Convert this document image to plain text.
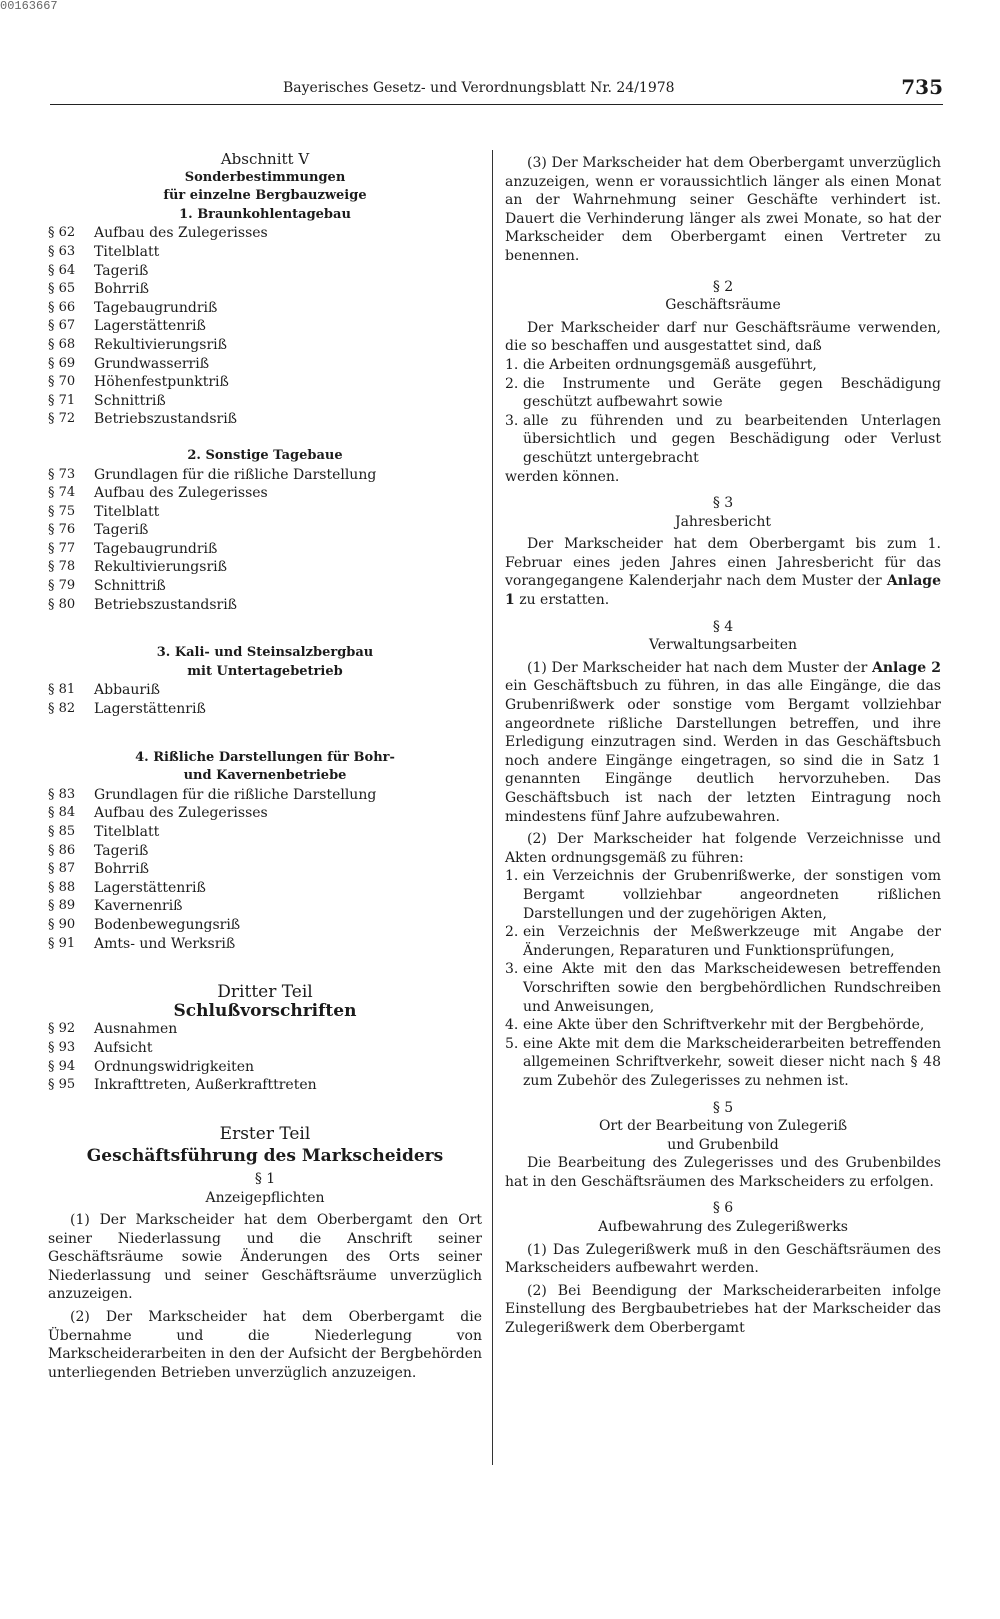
00163667
Bayerisches Gesetz- und Verordnungsblatt Nr. 24/1978	735
Abschnitt V
Sonderbestimmungen
für einzelne Bergbauzweige
1. Braunkohlentagebau
§ 62	Aufbau des Zulegerisses
§ 63	Titelblatt
§ 64	Tageriß
§ 65	Bohrriß
§ 66	Tagebaugrundriß
§ 67	Lagerstättenriß
§ 68	Rekultivierungsriß
§ 69	Grundwasserriß
§ 70	Höhenfestpunktriß
§ 71	Schnittriß
§ 72	Betriebszustandsriß
2. Sonstige Tagebaue
§ 73	Grundlagen für die rißliche Darstellung
§ 74	Aufbau des Zulegerisses
§ 75	Titelblatt
§ 76	Tageriß
§ 77	Tagebaugrundriß
§ 78	Rekultivierungsriß
§ 79	Schnittriß
§ 80	Betriebszustandsriß
3. Kali- und Steinsalzbergbau
mit Untertagebetrieb
§ 81	Abbauriß
§ 82	Lagerstättenriß
4. Rißliche Darstellungen für Bohr-
und Kavernenbetriebe
§ 83	Grundlagen für die rißliche Darstellung
§ 84	Aufbau des Zulegerisses
§ 85	Titelblatt
§ 86	Tageriß
§ 87	Bohrriß
§ 88	Lagerstättenriß
§ 89	Kavernenriß
§ 90	Bodenbewegungsriß
§ 91	Amts- und Werksriß
Dritter Teil
Schlußvorschriften
§ 92	Ausnahmen
§ 93	Aufsicht
§ 94	Ordnungswidrigkeiten
§ 95	Inkrafttreten, Außerkrafttreten
Erster Teil
Geschäftsführung des Markscheiders
§ 1
Anzeigepflichten

(1) Der Markscheider hat dem Oberbergamt den Ort seiner Niederlassung und die Anschrift seiner Geschäftsräume sowie Änderungen des Orts seiner Niederlassung und seiner Geschäftsräume unverzüglich anzuzeigen.

(2) Der Markscheider hat dem Oberbergamt die Übernahme und die Niederlegung von Markscheiderarbeiten in den der Aufsicht der Bergbehörden unterliegenden Betrieben unverzüglich anzuzeigen.

(3) Der Markscheider hat dem Oberbergamt unverzüglich anzuzeigen, wenn er voraussichtlich länger als einen Monat an der Wahrnehmung seiner Geschäfte verhindert ist. Dauert die Verhinderung länger als zwei Monate, so hat der Markscheider dem Oberbergamt einen Vertreter zu benennen.

§ 2
Geschäftsräume

Der Markscheider darf nur Geschäftsräume verwenden, die so beschaffen und ausgestattet sind, daß

1. die Arbeiten ordnungsgemäß ausgeführt,
2. die Instrumente und Geräte gegen Beschädigung geschützt aufbewahrt sowie
3. alle zu führenden und zu bearbeitenden Unterlagen übersichtlich und gegen Beschädigung oder Verlust geschützt untergebracht
werden können.
§ 3
Jahresbericht

Der Markscheider hat dem Oberbergamt bis zum 1. Februar eines jeden Jahres einen Jahresbericht für das vorangegangene Kalenderjahr nach dem Muster der Anlage 1 zu erstatten.

§ 4
Verwaltungsarbeiten

(1) Der Markscheider hat nach dem Muster der Anlage 2 ein Geschäftsbuch zu führen, in das alle Eingänge, die das Grubenrißwerk oder sonstige vom Bergamt vollziehbar angeordnete rißliche Darstellungen betreffen, und ihre Erledigung einzutragen sind. Werden in das Geschäftsbuch noch andere Eingänge eingetragen, so sind die in Satz 1 genannten Eingänge deutlich hervorzuheben. Das Geschäftsbuch ist nach der letzten Eintragung noch mindestens fünf Jahre aufzubewahren.

(2) Der Markscheider hat folgende Verzeichnisse und Akten ordnungsgemäß zu führen:

1. ein Verzeichnis der Grubenrißwerke, der sonstigen vom Bergamt vollziehbar angeordneten rißlichen Darstellungen und der zugehörigen Akten,
2. ein Verzeichnis der Meßwerkzeuge mit Angabe der Änderungen, Reparaturen und Funktionsprüfungen,
3. eine Akte mit den das Markscheidewesen betreffenden Vorschriften sowie den bergbehördlichen Rundschreiben und Anweisungen,
4. eine Akte über den Schriftverkehr mit der Bergbehörde,
5. eine Akte mit dem die Markscheiderarbeiten betreffenden allgemeinen Schriftverkehr, soweit dieser nicht nach § 48 zum Zubehör des Zulegerisses zu nehmen ist.
§ 5
Ort der Bearbeitung von Zulegeriß
und Grubenbild

Die Bearbeitung des Zulegerisses und des Grubenbildes hat in den Geschäftsräumen des Markscheiders zu erfolgen.

§ 6
Aufbewahrung des Zulegerißwerks

(1) Das Zulegerißwerk muß in den Geschäftsräumen des Markscheiders aufbewahrt werden.

(2) Bei Beendigung der Markscheiderarbeiten infolge Einstellung des Bergbaubetriebes hat der Markscheider das Zulegerißwerk dem Oberbergamt
